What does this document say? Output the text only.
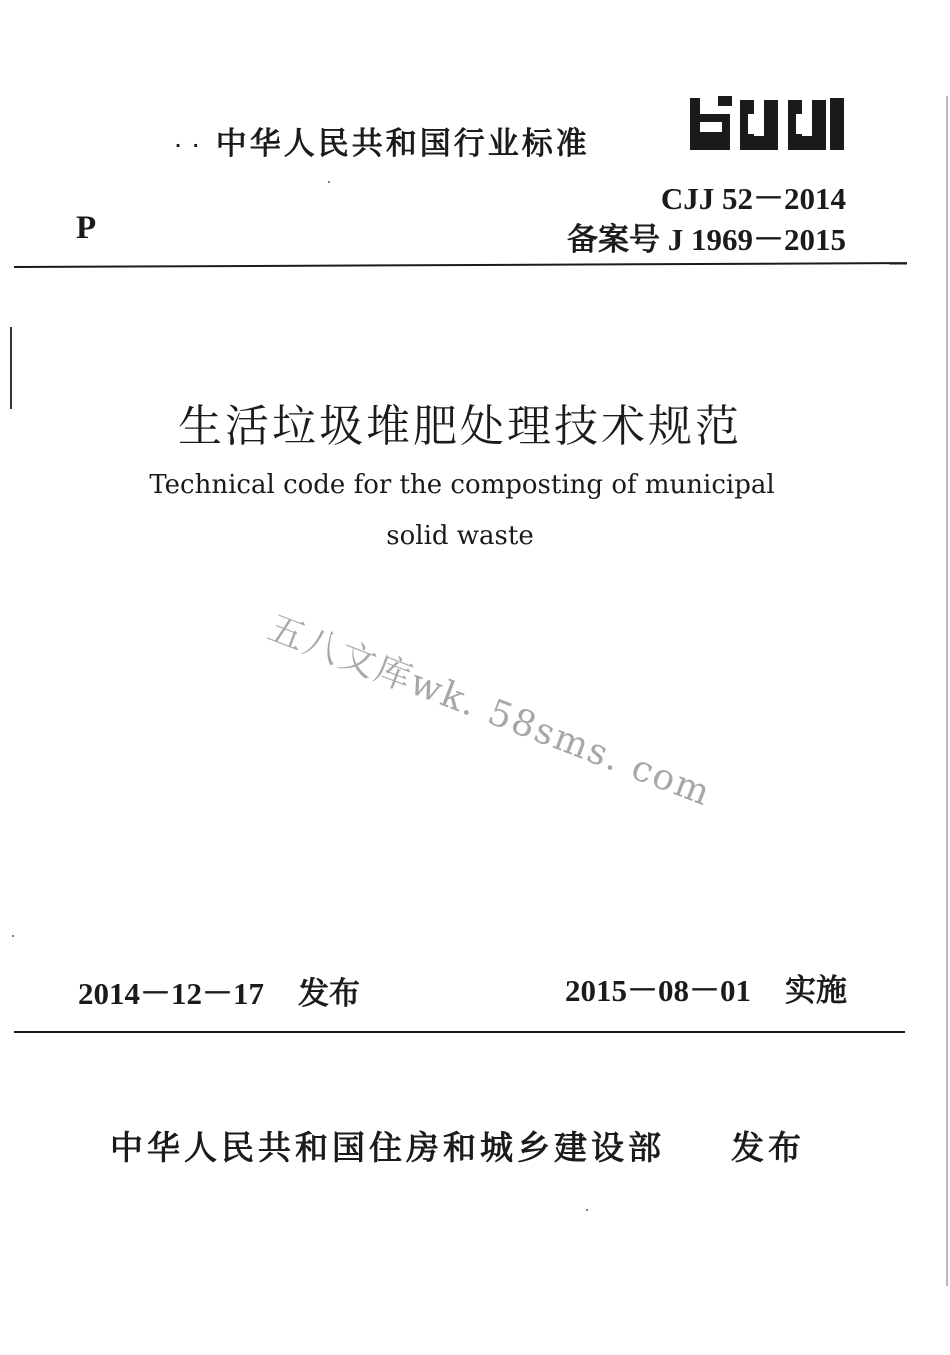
· · 中华人民共和国行业标准
CJJ 52－2014
备案号 J 1969－2015
P
生活垃圾堆肥处理技术规范
Technical code for the composting of municipal
solid waste
五八文库wk. 58sms. com
2014－12－17 发布	2015－08－01 实施
中华人民共和国住房和城乡建设部 发布
